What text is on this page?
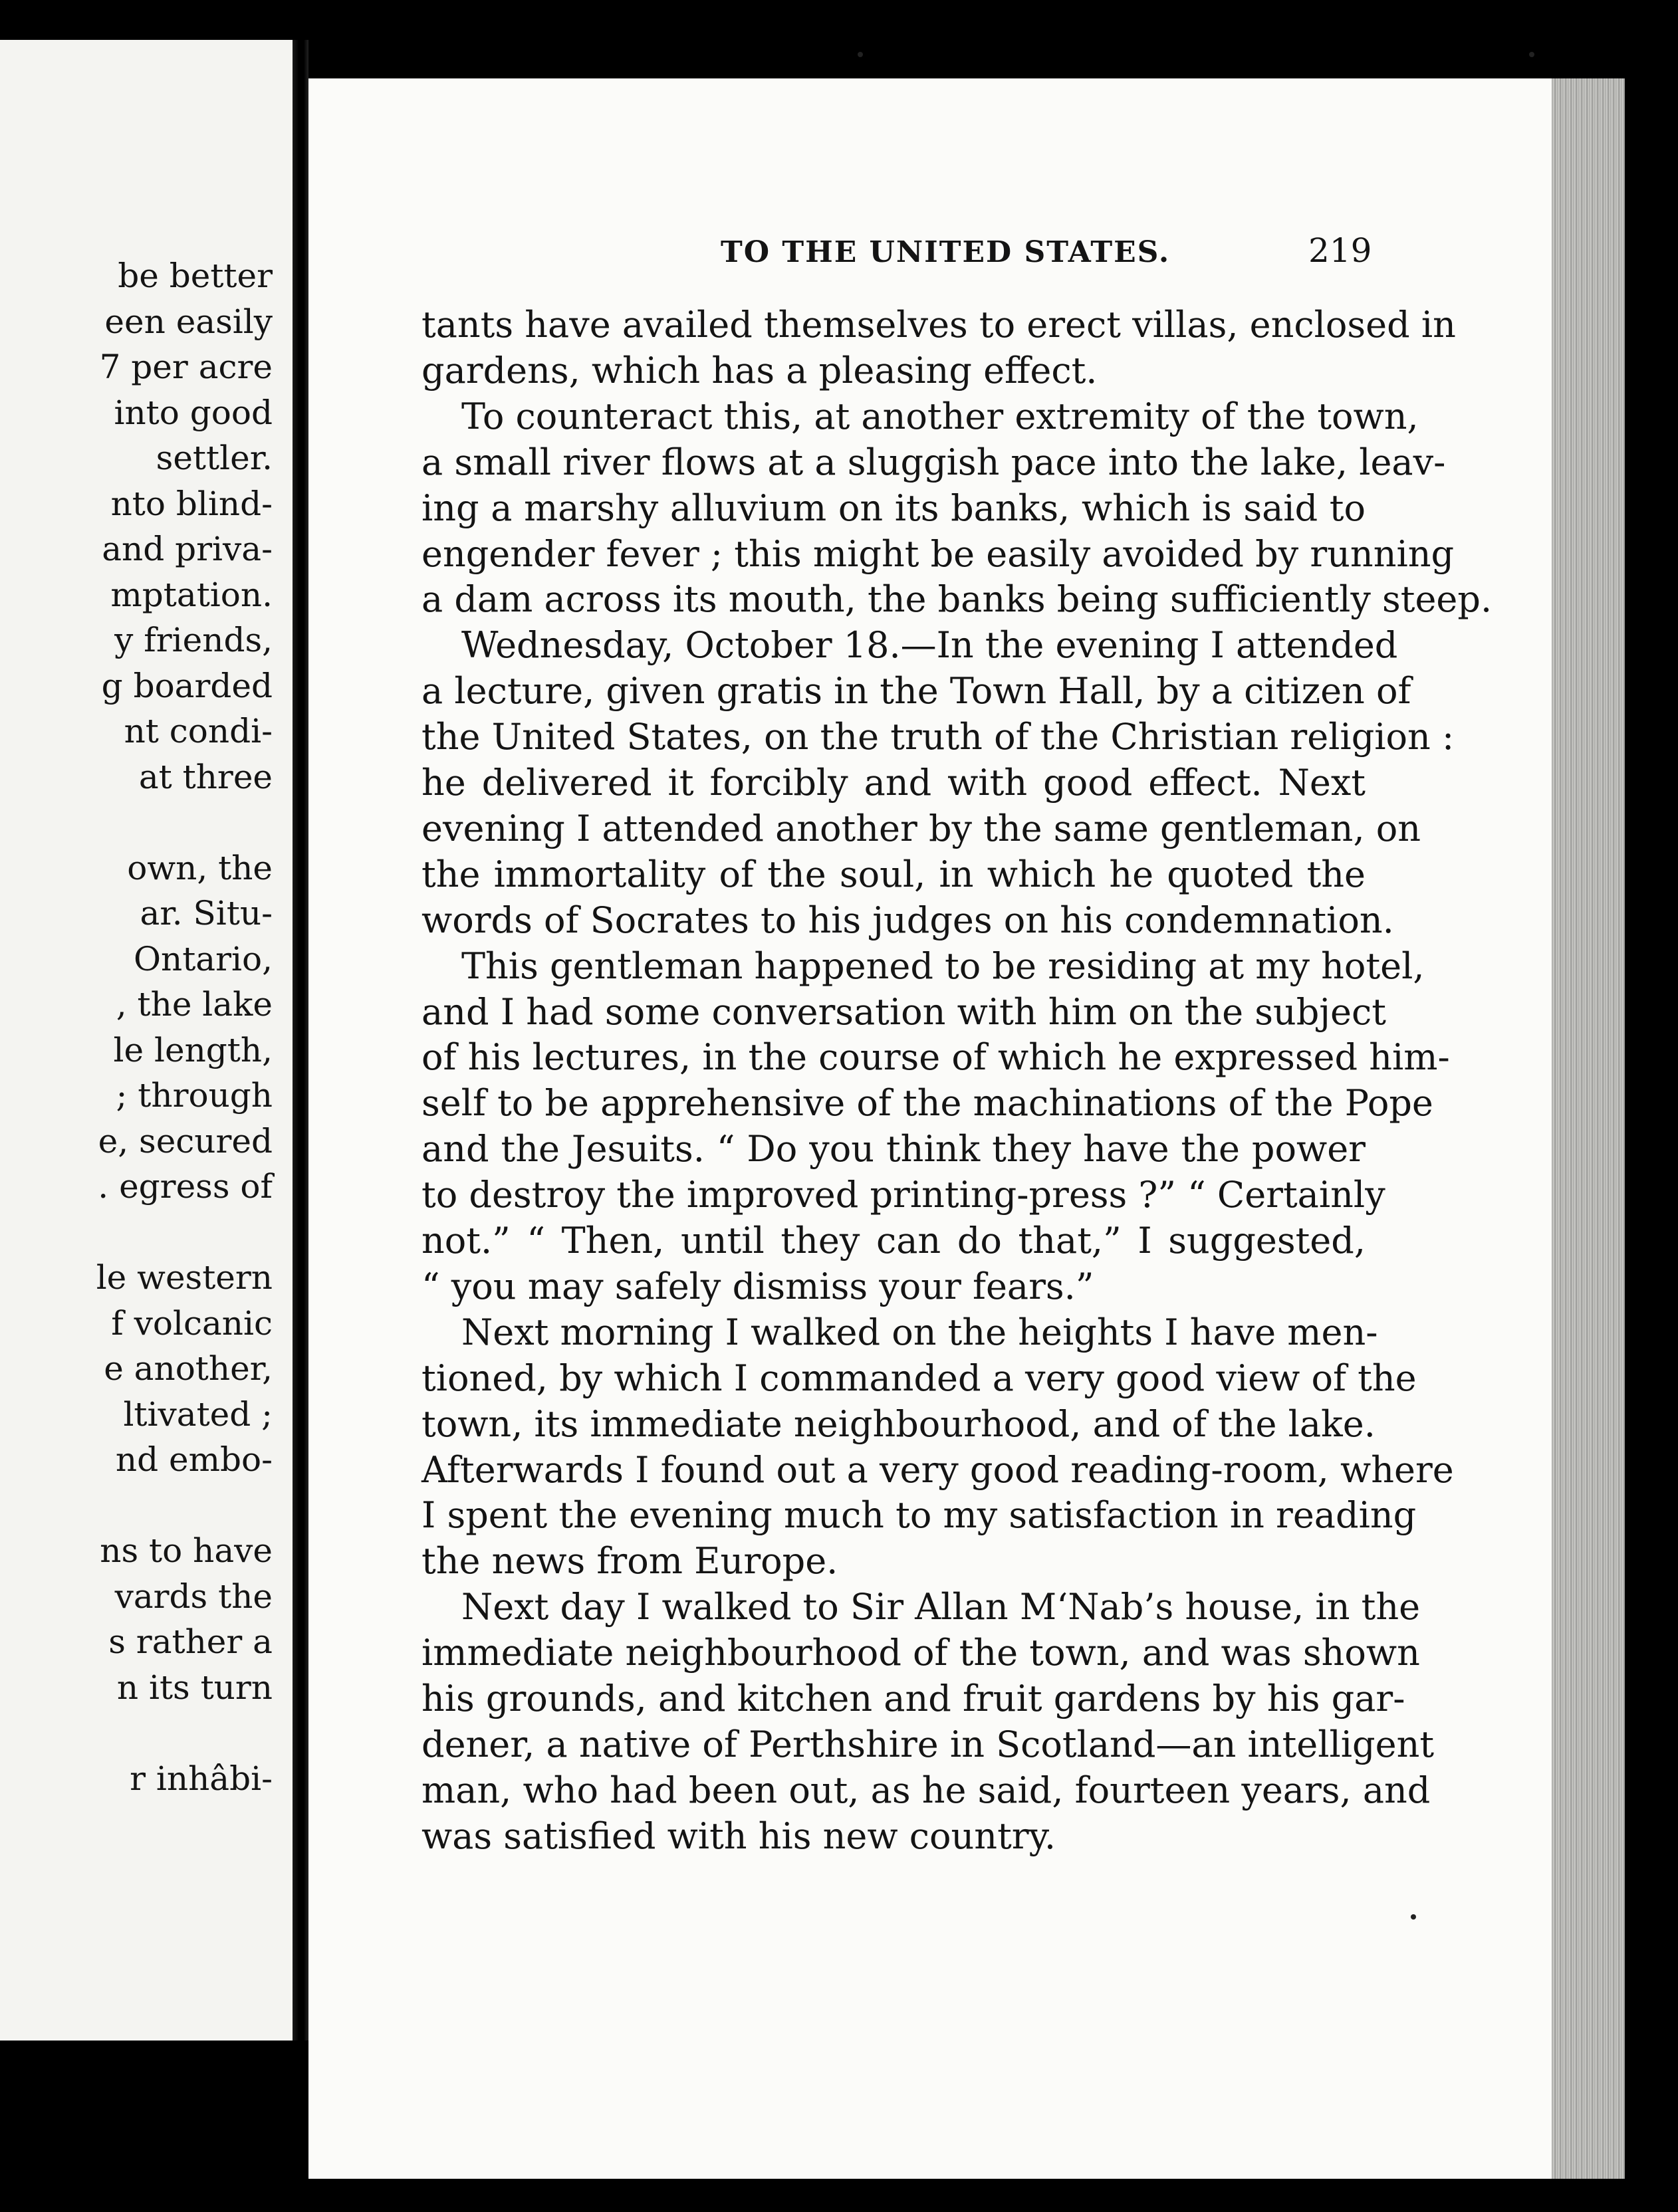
be better
een easily
7 per acre
into good
settler.
nto blind-
and priva-
mptation.
y friends,
g boarded
nt condi-
at three
own, the
ar. Situ-
Ontario,
, the lake
le length,
; through
e, secured
. egress of
le western
f volcanic
e another,
ltivated ;
nd embo-
ns to have
vards the
s rather a
n its turn
r inhâbi-
TO THE UNITED STATES.	219
tants have availed themselves to erect villas, enclosed in
gardens, which has a pleasing effect.
To counteract this, at another extremity of the town,
a small river flows at a sluggish pace into the lake, leav-
ing a marshy alluvium on its banks, which is said to
engender fever ; this might be easily avoided by running
a dam across its mouth, the banks being sufficiently steep.
Wednesday, October 18.—In the evening I attended
a lecture, given gratis in the Town Hall, by a citizen of
the United States, on the truth of the Christian religion :
he delivered it forcibly and with good effect. Next
evening I attended another by the same gentleman, on
the immortality of the soul, in which he quoted the
words of Socrates to his judges on his condemnation.
This gentleman happened to be residing at my hotel,
and I had some conversation with him on the subject
of his lectures, in the course of which he expressed him-
self to be apprehensive of the machinations of the Pope
and the Jesuits. “ Do you think they have the power
to destroy the improved printing-press ?” “ Certainly
not.” “ Then, until they can do that,” I suggested,
“ you may safely dismiss your fears.”
Next morning I walked on the heights I have men-
tioned, by which I commanded a very good view of the
town, its immediate neighbourhood, and of the lake.
Afterwards I found out a very good reading-room, where
I spent the evening much to my satisfaction in reading
the news from Europe.
Next day I walked to Sir Allan M‘Nab’s house, in the
immediate neighbourhood of the town, and was shown
his grounds, and kitchen and fruit gardens by his gar-
dener, a native of Perthshire in Scotland—an intelligent
man, who had been out, as he said, fourteen years, and
was satisfied with his new country.
